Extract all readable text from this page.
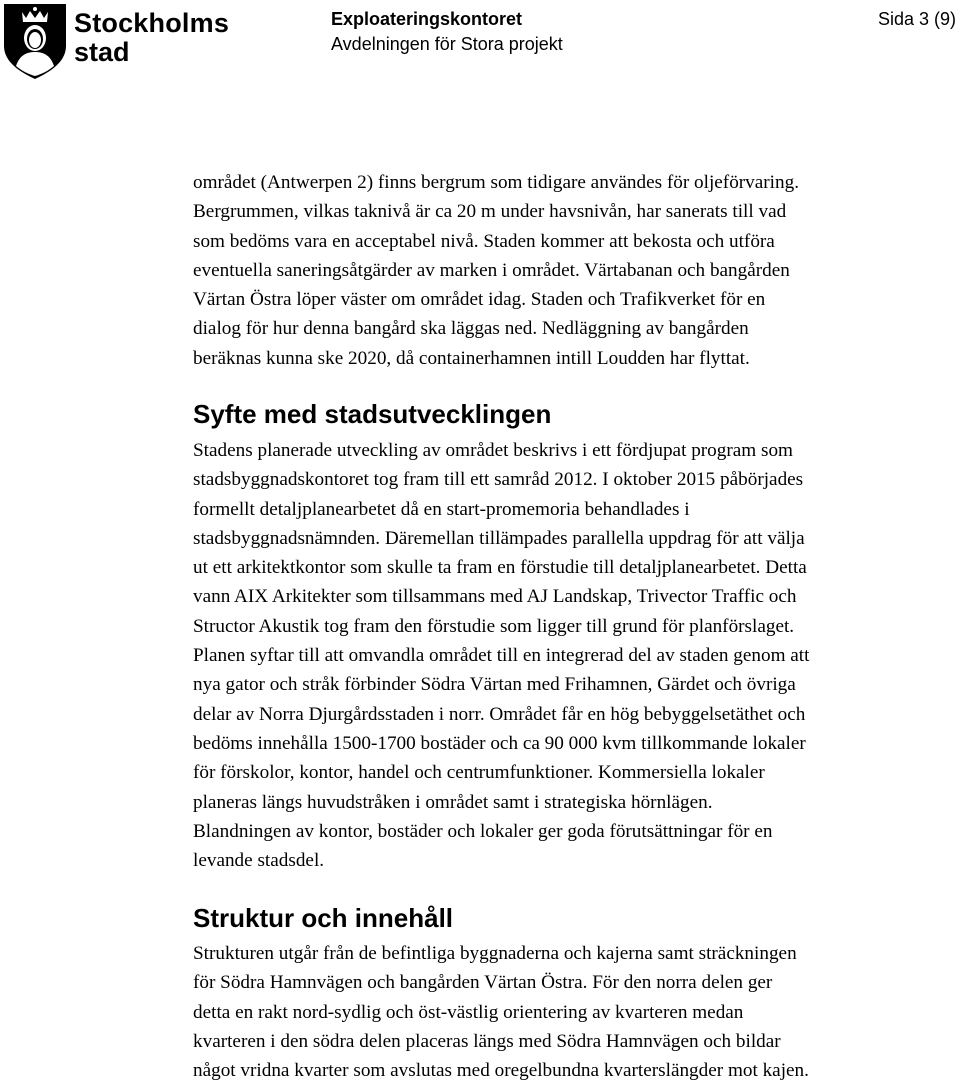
Stockholms
stad
Exploateringskontoret
Avdelningen för Stora projekt
Sida 3 (9)

området (Antwerpen 2) finns bergrum som tidigare användes för oljeförvaring.
Bergrummen, vilkas taknivå är ca 20 m under havsnivån, har sanerats till vad
som bedöms vara en acceptabel nivå. Staden kommer att bekosta och utföra
eventuella saneringsåtgärder av marken i området. Värtabanan och bangården
Värtan Östra löper väster om området idag. Staden och Trafikverket för en
dialog för hur denna bangård ska läggas ned. Nedläggning av bangården
beräknas kunna ske 2020, då containerhamnen intill Loudden har flyttat.

Syfte med stadsutvecklingen

Stadens planerade utveckling av området beskrivs i ett fördjupat program som
stadsbyggnadskontoret tog fram till ett samråd 2012. I oktober 2015 påbörjades
formellt detaljplanearbetet då en start-promemoria behandlades i
stadsbyggnadsnämnden. Däremellan tillämpades parallella uppdrag för att välja
ut ett arkitektkontor som skulle ta fram en förstudie till detaljplanearbetet. Detta
vann AIX Arkitekter som tillsammans med AJ Landskap, Trivector Traffic och
Structor Akustik tog fram den förstudie som ligger till grund för planförslaget.
Planen syftar till att omvandla området till en integrerad del av staden genom att
nya gator och stråk förbinder Södra Värtan med Frihamnen, Gärdet och övriga
delar av Norra Djurgårdsstaden i norr. Området får en hög bebyggelsetäthet och
bedöms innehålla 1500-1700 bostäder och ca 90 000 kvm tillkommande lokaler
för förskolor, kontor, handel och centrumfunktioner. Kommersiella lokaler
planeras längs huvudstråken i området samt i strategiska hörnlägen.
Blandningen av kontor, bostäder och lokaler ger goda förutsättningar för en
levande stadsdel.

Struktur och innehåll

Strukturen utgår från de befintliga byggnaderna och kajerna samt sträckningen
för Södra Hamnvägen och bangården Värtan Östra. För den norra delen ger
detta en rakt nord-sydlig och öst-västlig orientering av kvarteren medan
kvarteren i den södra delen placeras längs med Södra Hamnvägen och bildar
något vridna kvarter som avslutas med oregelbundna kvarterslängder mot kajen.
